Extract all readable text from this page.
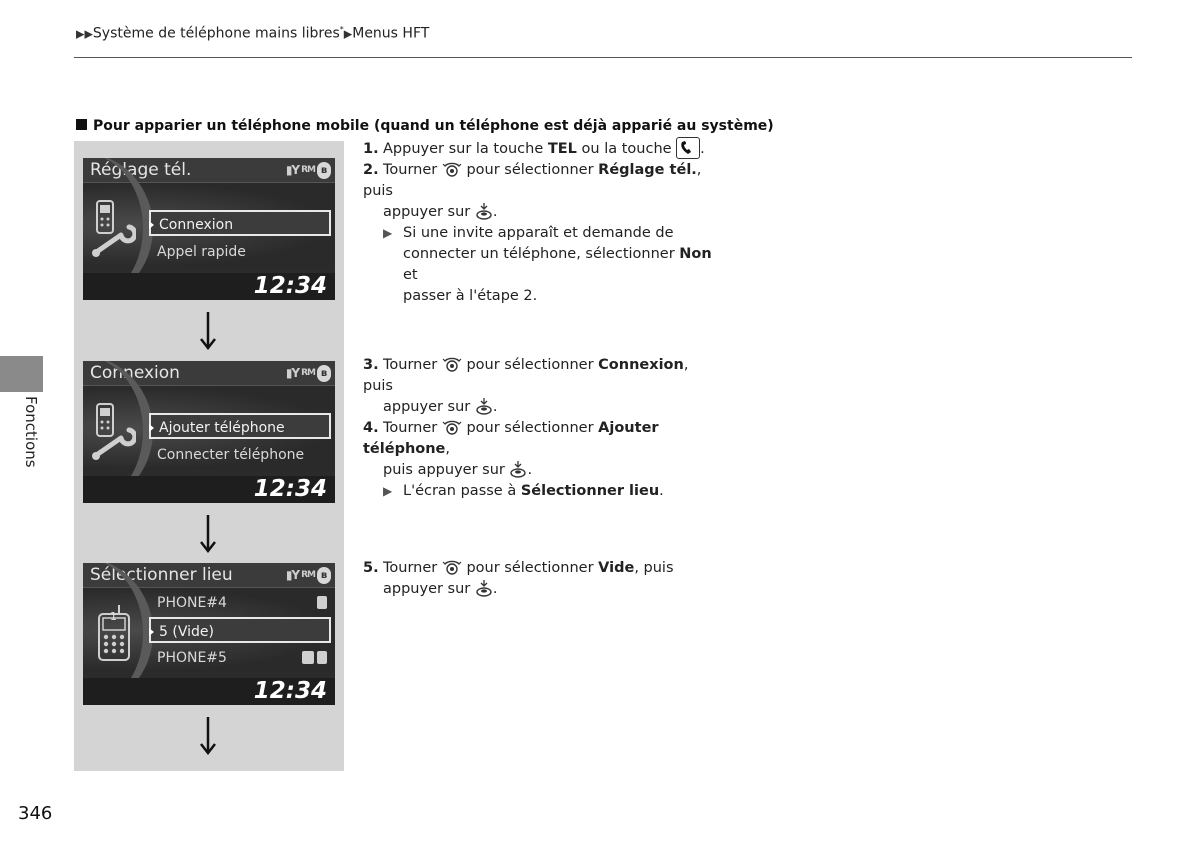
▶▶Système de téléphone mains libres*▶Menus HFT
Pour apparier un téléphone mobile (quand un téléphone est déjà apparié au système)
Réglage tél.	▮Y RM ʙ
Connexion
Appel rapide
12:34
Connexion	▮Y RM ʙ
Ajouter téléphone
Connecter téléphone
12:34
Sélectionner lieu	▮Y RM ʙ
1
PHONE#4
5 (Vide)
PHONE#5
12:34
1. Appuyer sur la touche TEL ou la touche .
2. Tourner  pour sélectionner Réglage tél., puis
appuyer sur .
▶ Si une invite apparaît et demande de
connecter un téléphone, sélectionner Non et
passer à l'étape 2.
3. Tourner  pour sélectionner Connexion, puis
appuyer sur .
4. Tourner  pour sélectionner Ajouter téléphone,
puis appuyer sur .
▶ L'écran passe à Sélectionner lieu.
5. Tourner  pour sélectionner Vide, puis
appuyer sur .
Fonctions
346
